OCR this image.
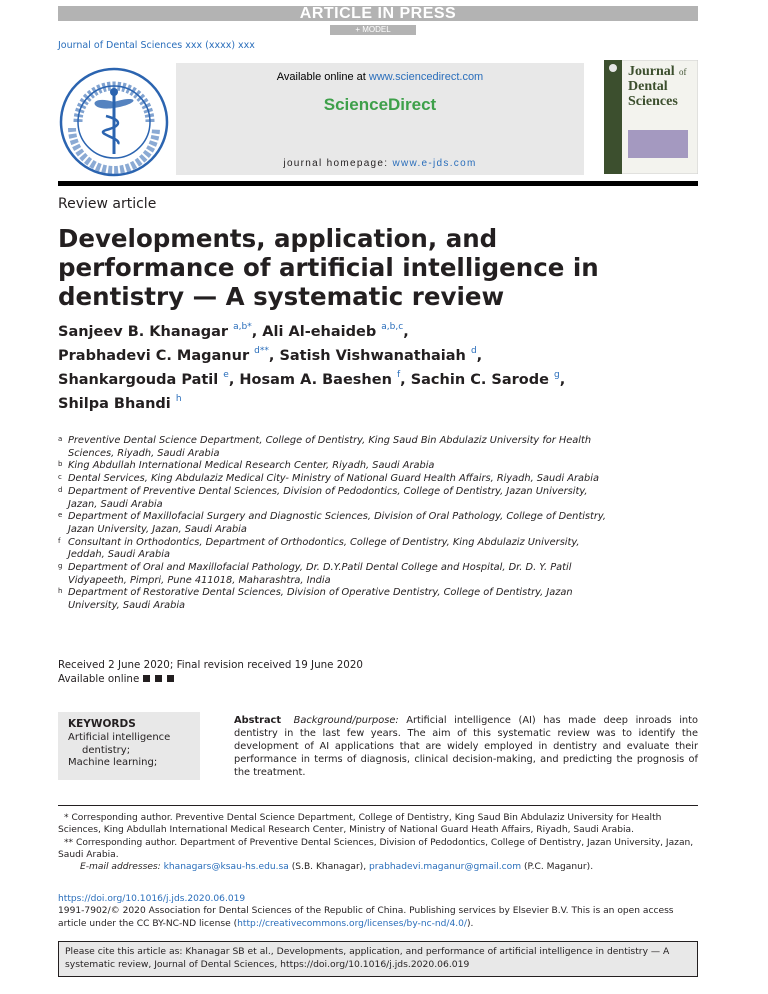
ARTICLE IN PRESS
+ MODEL
Journal of Dental Sciences xxx (xxxx) xxx
Available online at www.sciencedirect.com
ScienceDirect
journal homepage: www.e-jds.com
Journal of
Dental
Sciences
Review article
Developments, application, and
performance of artificial intelligence in
dentistry — A systematic review
Sanjeev B. Khanagar $^{a,b*}$, Ali Al-ehaideb $^{a,b,c}$,
Prabhadevi C. Maganur $^{d**}$, Satish Vishwanathaiah $^d$,
Shankargouda Patil $^e$, Hosam A. Baeshen $^f$, Sachin C. Sarode $^g$,
Shilpa Bhandi $^h$
a Preventive Dental Science Department, College of Dentistry, King Saud Bin Abdulaziz University for Health Sciences, Riyadh, Saudi Arabia
b King Abdullah International Medical Research Center, Riyadh, Saudi Arabia
c Dental Services, King Abdulaziz Medical City- Ministry of National Guard Health Affairs, Riyadh, Saudi Arabia
d Department of Preventive Dental Sciences, Division of Pedodontics, College of Dentistry, Jazan University, Jazan, Saudi Arabia
e Department of Maxillofacial Surgery and Diagnostic Sciences, Division of Oral Pathology, College of Dentistry, Jazan University, Jazan, Saudi Arabia
f Consultant in Orthodontics, Department of Orthodontics, College of Dentistry, King Abdulaziz University, Jeddah, Saudi Arabia
g Department of Oral and Maxillofacial Pathology, Dr. D.Y.Patil Dental College and Hospital, Dr. D. Y. Patil Vidyapeeth, Pimpri, Pune 411018, Maharashtra, India
h Department of Restorative Dental Sciences, Division of Operative Dentistry, College of Dentistry, Jazan University, Saudi Arabia
Received 2 June 2020; Final revision received 19 June 2020
Available online
KEYWORDS
Artificial intelligence
dentistry;
Machine learning;
Abstract Background/purpose: Artificial intelligence (AI) has made deep inroads into dentistry in the last few years. The aim of this systematic review was to identify the development of AI applications that are widely employed in dentistry and evaluate their performance in terms of diagnosis, clinical decision-making, and predicting the prognosis of the treatment.
* Corresponding author. Preventive Dental Science Department, College of Dentistry, King Saud Bin Abdulaziz University for Health Sciences, King Abdullah International Medical Research Center, Ministry of National Guard Heath Affairs, Riyadh, Saudi Arabia.
** Corresponding author. Department of Preventive Dental Sciences, Division of Pedodontics, College of Dentistry, Jazan University, Jazan, Saudi Arabia.
E-mail addresses: khanagars@ksau-hs.edu.sa (S.B. Khanagar), prabhadevi.maganur@gmail.com (P.C. Maganur).
https://doi.org/10.1016/j.jds.2020.06.019
1991-7902/© 2020 Association for Dental Sciences of the Republic of China. Publishing services by Elsevier B.V. This is an open access article under the CC BY-NC-ND license (http://creativecommons.org/licenses/by-nc-nd/4.0/).
Please cite this article as: Khanagar SB et al., Developments, application, and performance of artificial intelligence in dentistry — A systematic review, Journal of Dental Sciences, https://doi.org/10.1016/j.jds.2020.06.019
